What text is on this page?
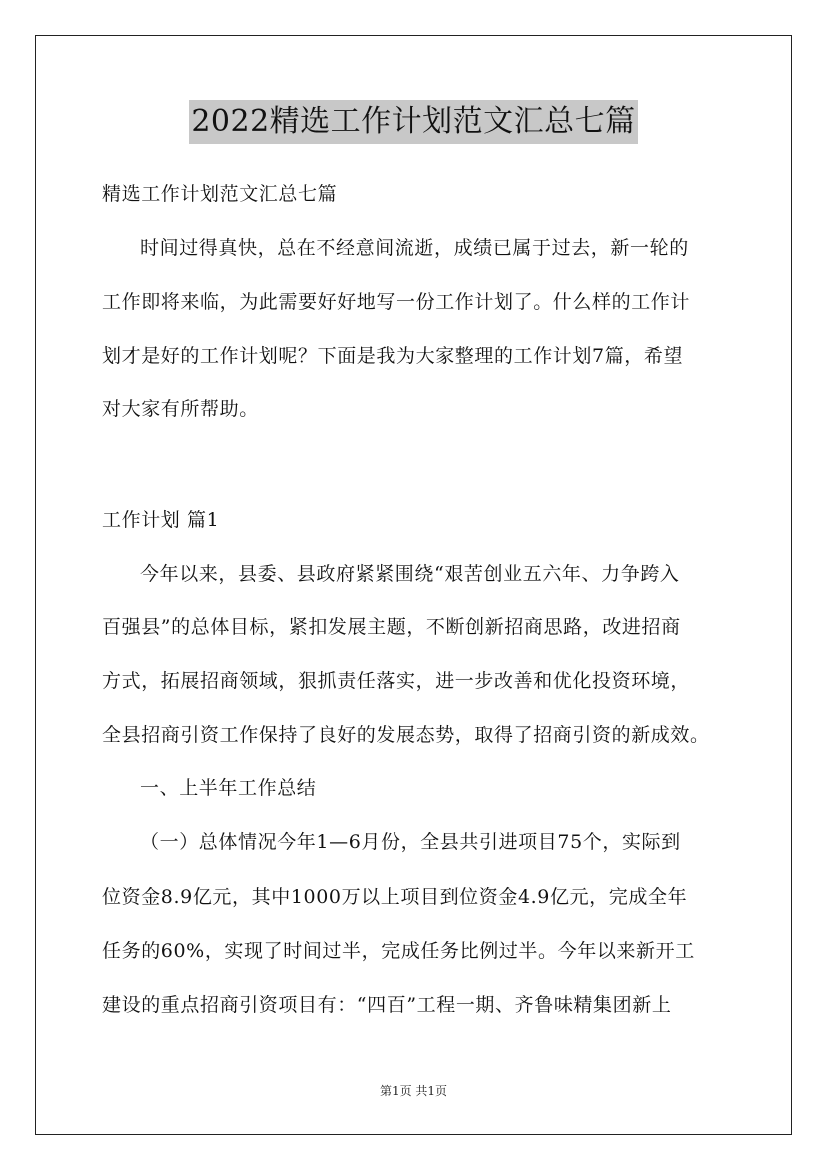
2022精选工作计划范文汇总七篇
精选工作计划范文汇总七篇
时间过得真快，总在不经意间流逝，成绩已属于过去，新一轮的
工作即将来临，为此需要好好地写一份工作计划了。什么样的工作计
划才是好的工作计划呢？下面是我为大家整理的工作计划7篇，希望
对大家有所帮助。
工作计划 篇1
今年以来，县委、县政府紧紧围绕“艰苦创业五六年、力争跨入
百强县”的总体目标，紧扣发展主题，不断创新招商思路，改进招商
方式，拓展招商领域，狠抓责任落实，进一步改善和优化投资环境，
全县招商引资工作保持了良好的发展态势，取得了招商引资的新成效。
一、上半年工作总结
（一）总体情况今年1—6月份，全县共引进项目75个，实际到
位资金8.9亿元，其中1000万以上项目到位资金4.9亿元，完成全年
任务的60%，实现了时间过半，完成任务比例过半。今年以来新开工
建设的重点招商引资项目有：“四百”工程一期、齐鲁味精集团新上
第1页 共1页
